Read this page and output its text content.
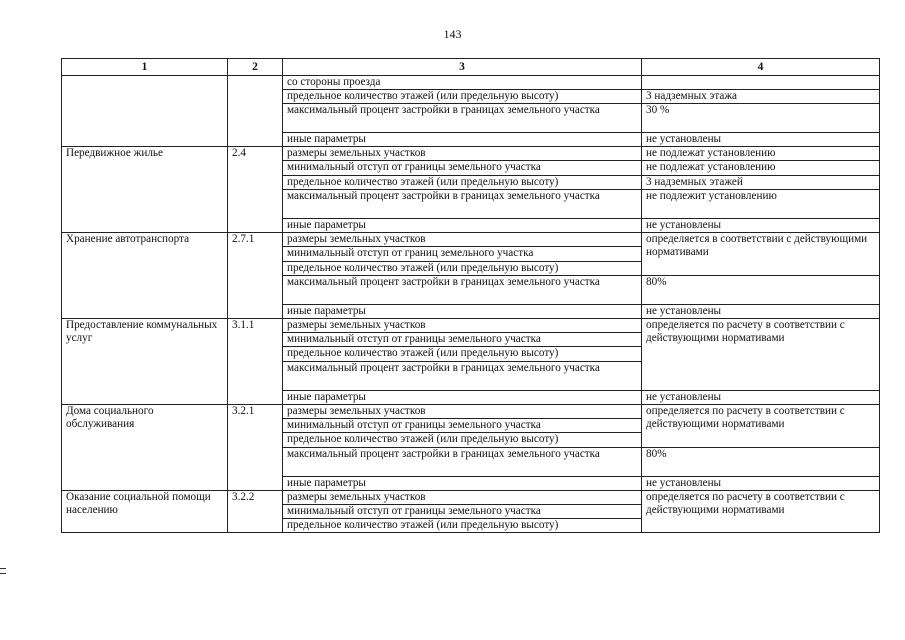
143
1	2	3	4
		со стороны проезда	
		предельное количество этажей (или предельную высоту)	3 надземных этажа
		максимальный процент застройки в границах земельного участка	30 %
		иные параметры	не установлены
Передвижное жилье	2.4	размеры земельных участков	не подлежат установлению
		минимальный отступ от границы земельного участка	не подлежат установлению
		предельное количество этажей (или предельную высоту)	3 надземных этажей
		максимальный процент застройки в границах земельного участка	не подлежит установлению
		иные параметры	не установлены
Хранение автотранспорта	2.7.1	размеры земельных участков	определяется в соответствии с действующими нормативами
		минимальный отступ от границ земельного участка	
		предельное количество этажей (или предельную высоту)	
		максимальный процент застройки в границах земельного участка	80%
		иные параметры	не установлены
Предоставление коммунальных услуг	3.1.1	размеры земельных участков	определяется по расчету в соответствии с действующими нормативами
		минимальный отступ от границы земельного участка	
		предельное количество этажей (или предельную высоту)	
		максимальный процент застройки в границах земельного участка	
		иные параметры	не установлены
Дома социального обслуживания	3.2.1	размеры земельных участков	определяется по расчету в соответствии с действующими нормативами
		минимальный отступ от границы земельного участка	
		предельное количество этажей (или предельную высоту)	
		максимальный процент застройки в границах земельного участка	80%
		иные параметры	не установлены
Оказание социальной помощи населению	3.2.2	размеры земельных участков	определяется по расчету в соответствии с действующими нормативами
		минимальный отступ от границы земельного участка	
		предельное количество этажей (или предельную высоту)	
